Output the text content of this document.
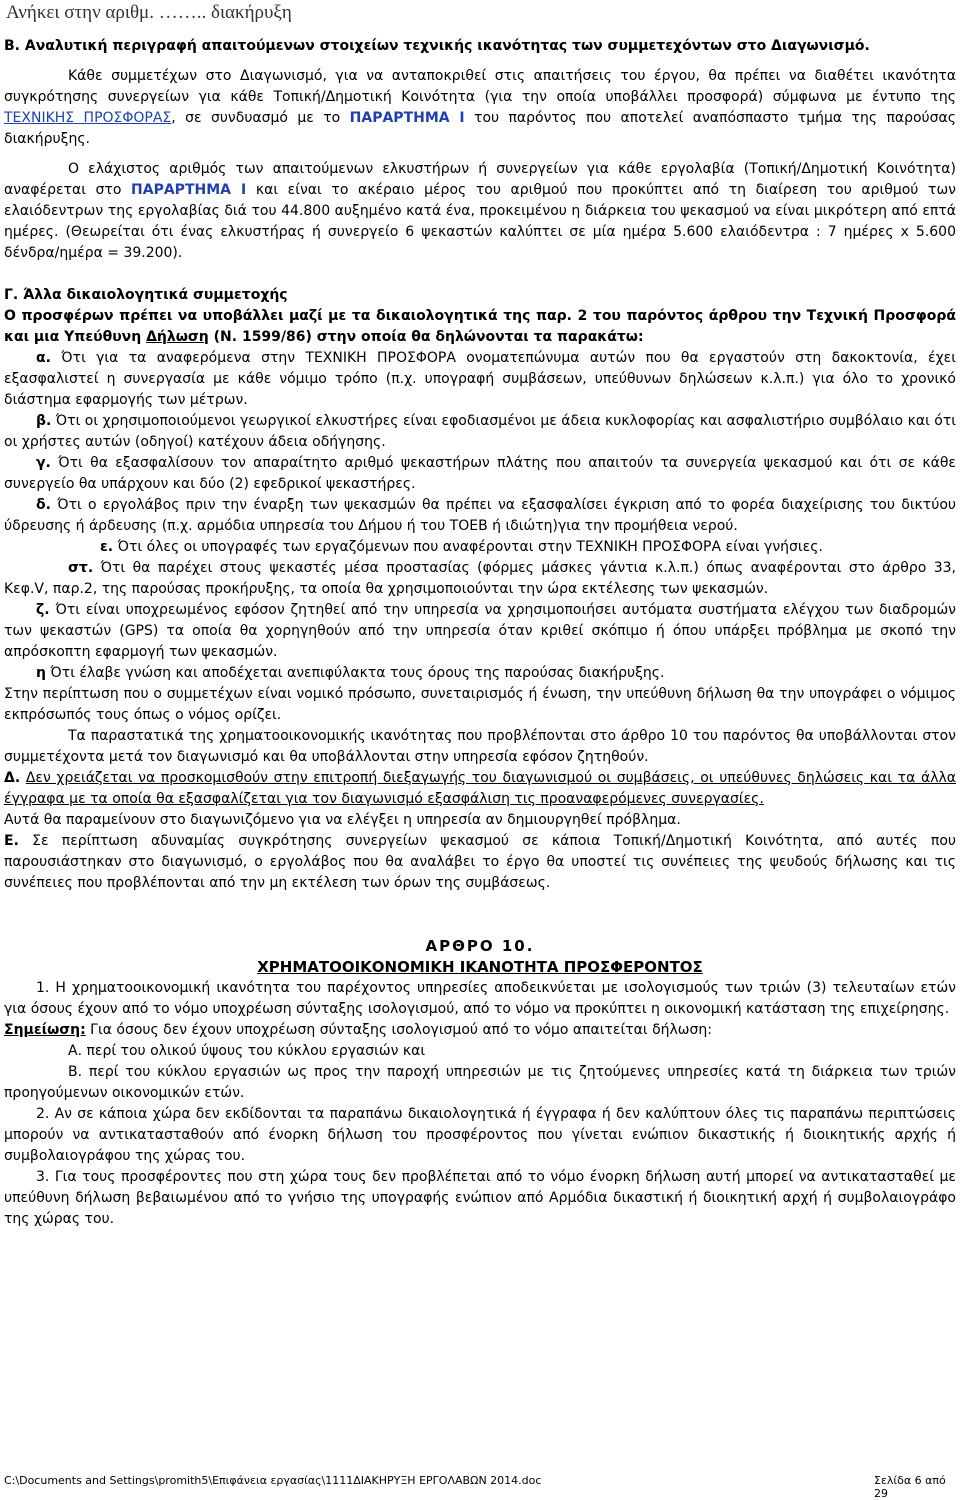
Ανήκει στην αριθμ. …….. διακήρυξη

Β. Αναλυτική περιγραφή απαιτούμενων στοιχείων τεχνικής ικανότητας των συμμετεχόντων στο Διαγωνισμό.

Κάθε συμμετέχων στο Διαγωνισμό, για να ανταποκριθεί στις απαιτήσεις του έργου, θα πρέπει να διαθέτει ικανότητα συγκρότησης συνεργείων για κάθε Τοπική/Δημοτική Κοινότητα (για την οποία υποβάλλει προσφορά) σύμφωνα με έντυπο της ΤΕΧΝΙΚΗΣ ΠΡΟΣΦΟΡΑΣ, σε συνδυασμό με το ΠΑΡΑΡΤΗΜΑ Ι του παρόντος που αποτελεί αναπόσπαστο τμήμα της παρούσας διακήρυξης.

Ο ελάχιστος αριθμός των απαιτούμενων ελκυστήρων ή συνεργείων για κάθε εργολαβία (Τοπική/Δημοτική Κοινότητα) αναφέρεται στο ΠΑΡΑΡΤΗΜΑ Ι και είναι το ακέραιο μέρος του αριθμού που προκύπτει από τη διαίρεση του αριθμού των ελαιόδεντρων της εργολαβίας διά του 44.800 αυξημένο κατά ένα, προκειμένου η διάρκεια του ψεκασμού να είναι μικρότερη από επτά ημέρες. (Θεωρείται ότι ένας ελκυστήρας ή συνεργείο 6 ψεκαστών καλύπτει σε μία ημέρα 5.600 ελαιόδεντρα : 7 ημέρες x 5.600 δένδρα/ημέρα = 39.200).

Γ. Άλλα δικαιολογητικά συμμετοχής

Ο προσφέρων πρέπει να υποβάλλει μαζί με τα δικαιολογητικά της παρ. 2 του παρόντος άρθρου την Τεχνική Προσφορά και μια Υπεύθυνη Δήλωση (Ν. 1599/86) στην οποία θα δηλώνονται τα παρακάτω:

α. Ότι για τα αναφερόμενα στην ΤΕΧΝΙΚΗ ΠΡΟΣΦΟΡΑ ονοματεπώνυμα αυτών που θα εργαστούν στη δακοκτονία, έχει εξασφαλιστεί η συνεργασία με κάθε νόμιμο τρόπο (π.χ. υπογραφή συμβάσεων, υπεύθυνων δηλώσεων κ.λ.π.) για όλο το χρονικό διάστημα εφαρμογής των μέτρων.

β. Ότι οι χρησιμοποιούμενοι γεωργικοί ελκυστήρες είναι εφοδιασμένοι με άδεια κυκλοφορίας και ασφαλιστήριο συμβόλαιο και ότι οι χρήστες αυτών (οδηγοί) κατέχουν άδεια οδήγησης.

γ. Ότι θα εξασφαλίσουν τον απαραίτητο αριθμό ψεκαστήρων πλάτης που απαιτούν τα συνεργεία ψεκασμού και ότι σε κάθε συνεργείο θα υπάρχουν και δύο (2) εφεδρικοί ψεκαστήρες.

δ. Ότι ο εργολάβος πριν την έναρξη των ψεκασμών θα πρέπει να εξασφαλίσει έγκριση από το φορέα διαχείρισης του δικτύου ύδρευσης ή άρδευσης (π.χ. αρμόδια υπηρεσία του Δήμου ή του ΤΟΕΒ ή ιδιώτη)για την προμήθεια νερού.

ε. Ότι όλες οι υπογραφές των εργαζόμενων που αναφέρονται στην ΤΕΧΝΙΚΗ ΠΡΟΣΦΟΡΑ είναι γνήσιες.

στ. Ότι θα παρέχει στους ψεκαστές μέσα προστασίας (φόρμες μάσκες γάντια κ.λ.π.) όπως αναφέρονται στο άρθρο 33, Κεφ.V, παρ.2, της παρούσας προκήρυξης, τα οποία θα χρησιμοποιούνται την ώρα εκτέλεσης των ψεκασμών.

ζ. Ότι είναι υποχρεωμένος εφόσον ζητηθεί από την υπηρεσία να χρησιμοποιήσει αυτόματα συστήματα ελέγχου των διαδρομών των ψεκαστών (GPS) τα οποία θα χορηγηθούν από την υπηρεσία όταν κριθεί σκόπιμο ή όπου υπάρξει πρόβλημα με σκοπό την απρόσκοπτη εφαρμογή των ψεκασμών.

η Ότι έλαβε γνώση και αποδέχεται ανεπιφύλακτα τους όρους της παρούσας διακήρυξης.

Στην περίπτωση που ο συμμετέχων είναι νομικό πρόσωπο, συνεταιρισμός ή ένωση, την υπεύθυνη δήλωση θα την υπογράφει ο νόμιμος εκπρόσωπός τους όπως ο νόμος ορίζει.

Τα παραστατικά της χρηματοοικονομικής ικανότητας που προβλέπονται στο άρθρο 10 του παρόντος θα υποβάλλονται στον συμμετέχοντα μετά τον διαγωνισμό και θα υποβάλλονται στην υπηρεσία εφόσον ζητηθούν.

Δ. Δεν χρειάζεται να προσκομισθούν στην επιτροπή διεξαγωγής του διαγωνισμού οι συμβάσεις, οι υπεύθυνες δηλώσεις και τα άλλα έγγραφα με τα οποία θα εξασφαλίζεται για τον διαγωνισμό εξασφάλιση τις προαναφερόμενες συνεργασίες.

Αυτά θα παραμείνουν στο διαγωνιζόμενο για να ελέγξει η υπηρεσία αν δημιουργηθεί πρόβλημα.

Ε. Σε περίπτωση αδυναμίας συγκρότησης συνεργείων ψεκασμού σε κάποια Τοπική/Δημοτική Κοινότητα, από αυτές που παρουσιάστηκαν στο διαγωνισμό, ο εργολάβος που θα αναλάβει το έργο θα υποστεί τις συνέπειες της ψευδούς δήλωσης και τις συνέπειες που προβλέπονται από την μη εκτέλεση των όρων της συμβάσεως.

ΑΡΘΡΟ 10.

ΧΡΗΜΑΤΟΟΙΚΟΝΟΜΙΚΗ ΙΚΑΝΟΤΗΤΑ ΠΡΟΣΦΕΡΟΝΤΟΣ

1. Η χρηματοοικονομική ικανότητα του παρέχοντος υπηρεσίες αποδεικνύεται με ισολογισμούς των τριών (3) τελευταίων ετών για όσους έχουν από το νόμο υποχρέωση σύνταξης ισολογισμού, από το νόμο να προκύπτει η οικονομική κατάσταση της επιχείρησης.

Σημείωση: Για όσους δεν έχουν υποχρέωση σύνταξης ισολογισμού από το νόμο απαιτείται δήλωση:

Α. περί του ολικού ύψους του κύκλου εργασιών και

Β. περί του κύκλου εργασιών ως προς την παροχή υπηρεσιών με τις ζητούμενες υπηρεσίες κατά τη διάρκεια των τριών προηγούμενων οικονομικών ετών.

2. Αν σε κάποια χώρα δεν εκδίδονται τα παραπάνω δικαιολογητικά ή έγγραφα ή δεν καλύπτουν όλες τις παραπάνω περιπτώσεις μπορούν να αντικατασταθούν από ένορκη δήλωση του προσφέροντος που γίνεται ενώπιον δικαστικής ή διοικητικής αρχής ή συμβολαιογράφου της χώρας του.

3. Για τους προσφέροντες που στη χώρα τους δεν προβλέπεται από το νόμο ένορκη δήλωση αυτή μπορεί να αντικατασταθεί με υπεύθυνη δήλωση βεβαιωμένου από το γνήσιο της υπογραφής ενώπιον από Αρμόδια δικαστική ή διοικητική αρχή ή συμβολαιογράφο της χώρας του.

C:\Documents and Settings\promith5\Επιφάνεια εργασίας\1111ΔΙΑΚΗΡΥΞΗ ΕΡΓΟΛΑΒΩΝ 2014.doc	Σελίδα 6 από 29
